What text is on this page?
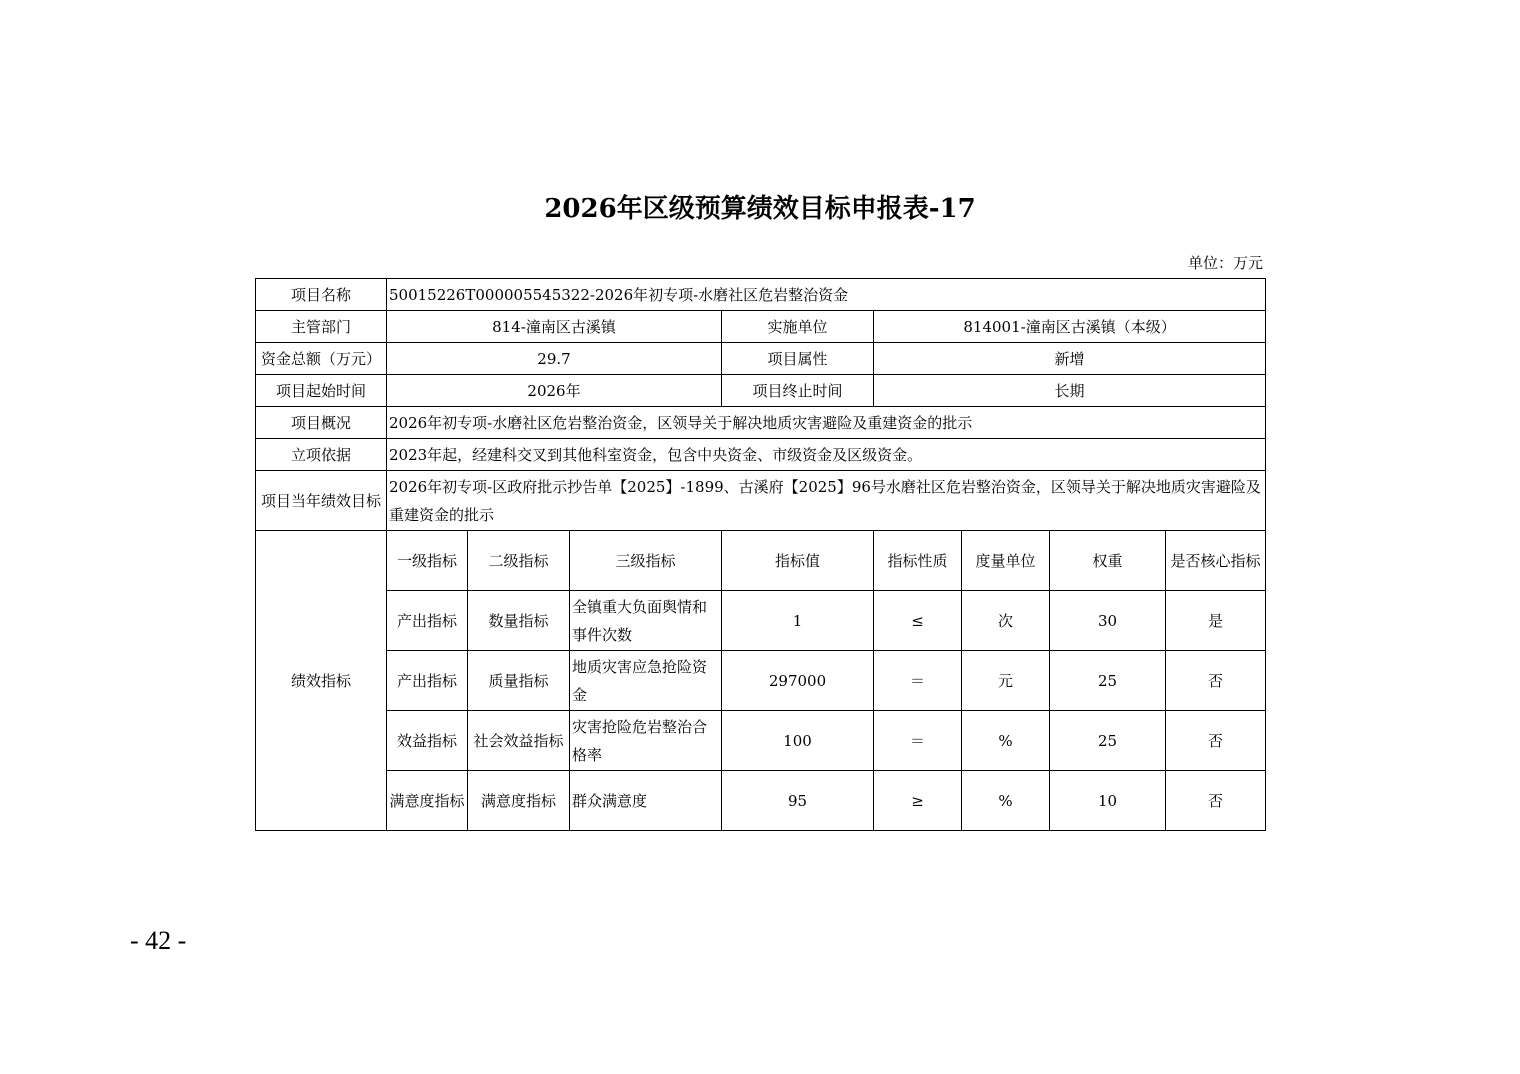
2026年区级预算绩效目标申报表-17
单位：万元
项目名称	50015226T000005545322-2026年初专项-水磨社区危岩整治资金							
主管部门	814-潼南区古溪镇			实施单位	814001-潼南区古溪镇（本级）			
资金总额（万元）	29.7			项目属性	新增			
项目起始时间	2026年			项目终止时间	长期			
项目概况	2026年初专项-水磨社区危岩整治资金，区领导关于解决地质灾害避险及重建资金的批示							
立项依据	2023年起，经建科交叉到其他科室资金，包含中央资金、市级资金及区级资金。							
项目当年绩效目标	2026年初专项-区政府批示抄告单【2025】-1899、古溪府【2025】96号水磨社区危岩整治资金，区领导关于解决地质灾害避险及重建资金的批示							
绩效指标	一级指标	二级指标	三级指标	指标值	指标性质	度量单位	权重	是否核心指标
	产出指标	数量指标	全镇重大负面舆情和事件次数	1	≤	次	30	是
	产出指标	质量指标	地质灾害应急抢险资金	297000	＝	元	25	否
	效益指标	社会效益指标	灾害抢险危岩整治合格率	100	＝	%	25	否
	满意度指标	满意度指标	群众满意度	95	≥	%	10	否
- 42 -
